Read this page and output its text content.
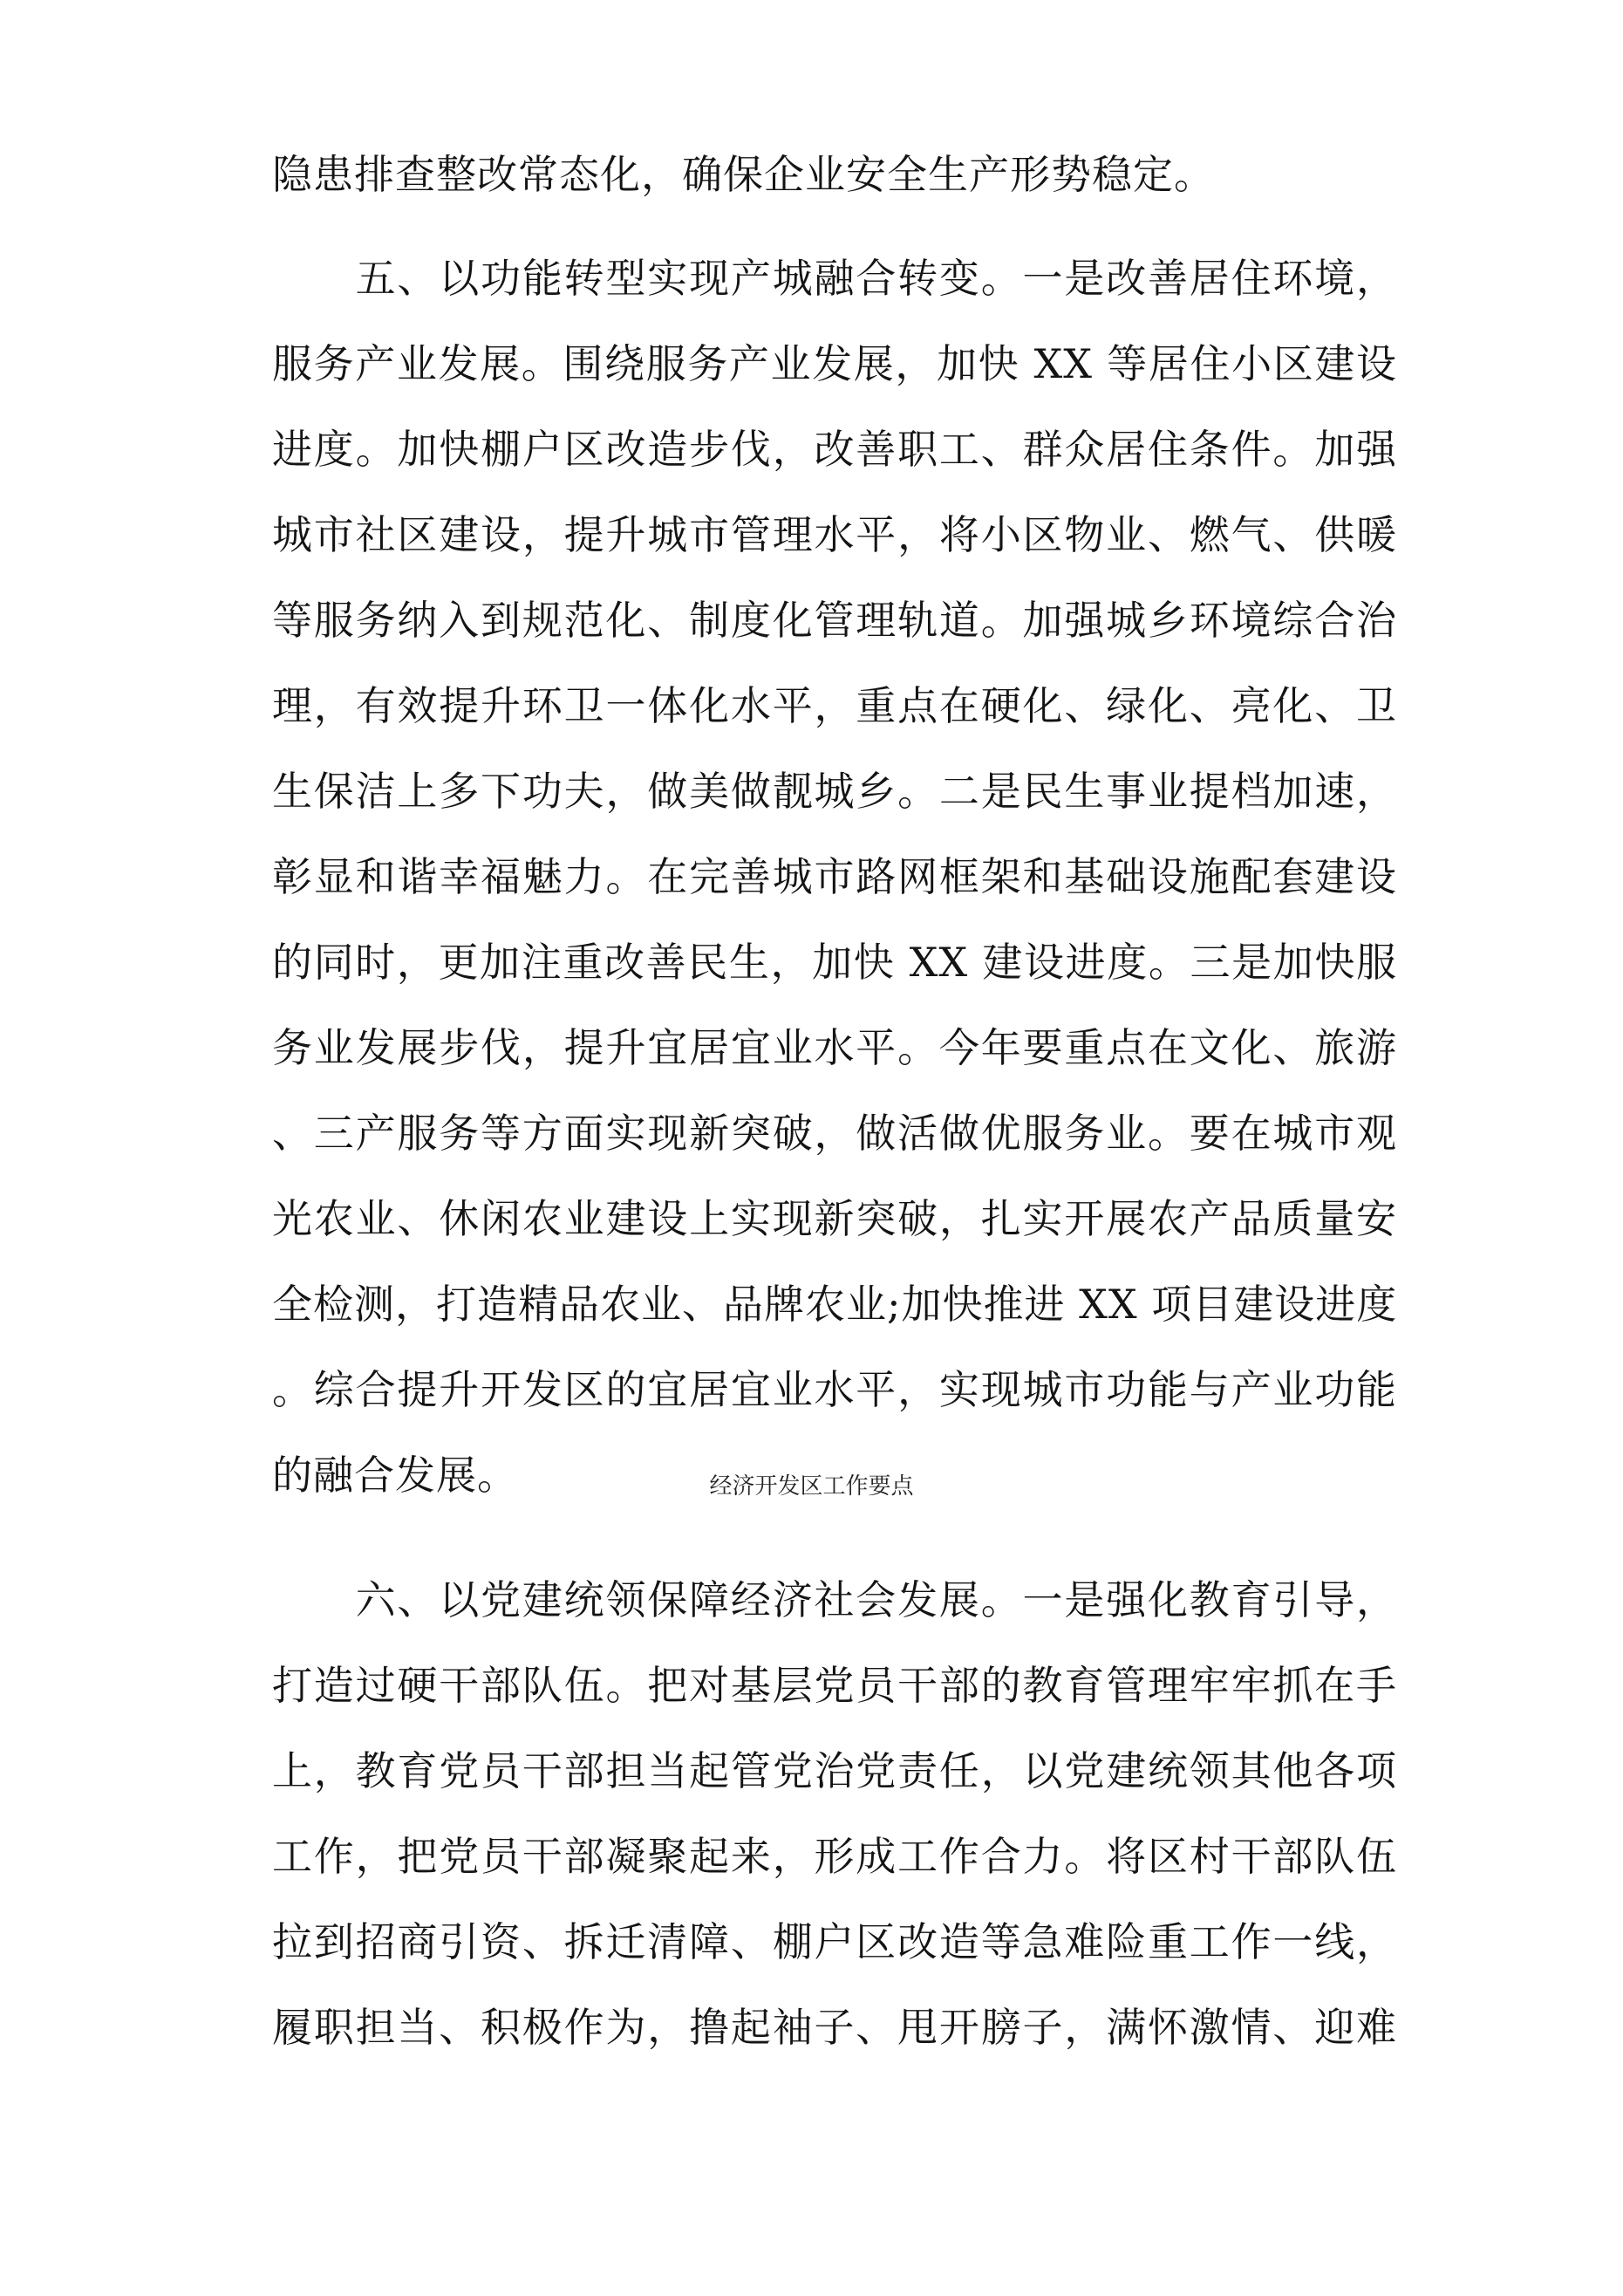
隐患排查整改常态化，确保企业安全生产形势稳定。
　　五、以功能转型实现产城融合转变。一是改善居住环境，
服务产业发展。围绕服务产业发展，加快 XX 等居住小区建设
进度。加快棚户区改造步伐，改善职工、群众居住条件。加强
城市社区建设，提升城市管理水平，将小区物业、燃气、供暖
等服务纳入到规范化、制度化管理轨道。加强城乡环境综合治
理，有效提升环卫一体化水平，重点在硬化、绿化、亮化、卫
生保洁上多下功夫，做美做靓城乡。二是民生事业提档加速，
彰显和谐幸福魅力。在完善城市路网框架和基础设施配套建设
的同时，更加注重改善民生，加快 XX 建设进度。三是加快服
务业发展步伐，提升宜居宜业水平。今年要重点在文化、旅游
、三产服务等方面实现新突破，做活做优服务业。要在城市观
光农业、休闲农业建设上实现新突破，扎实开展农产品质量安
全检测，打造精品农业、品牌农业;加快推进 XX 项目建设进度
。综合提升开发区的宜居宜业水平，实现城市功能与产业功能
的融合发展。	经济开发区工作要点
　　六、以党建统领保障经济社会发展。一是强化教育引导，
打造过硬干部队伍。把对基层党员干部的教育管理牢牢抓在手
上，教育党员干部担当起管党治党责任，以党建统领其他各项
工作，把党员干部凝聚起来，形成工作合力。将区村干部队伍
拉到招商引资、拆迁清障、棚户区改造等急难险重工作一线，
履职担当、积极作为，撸起袖子、甩开膀子，满怀激情、迎难
